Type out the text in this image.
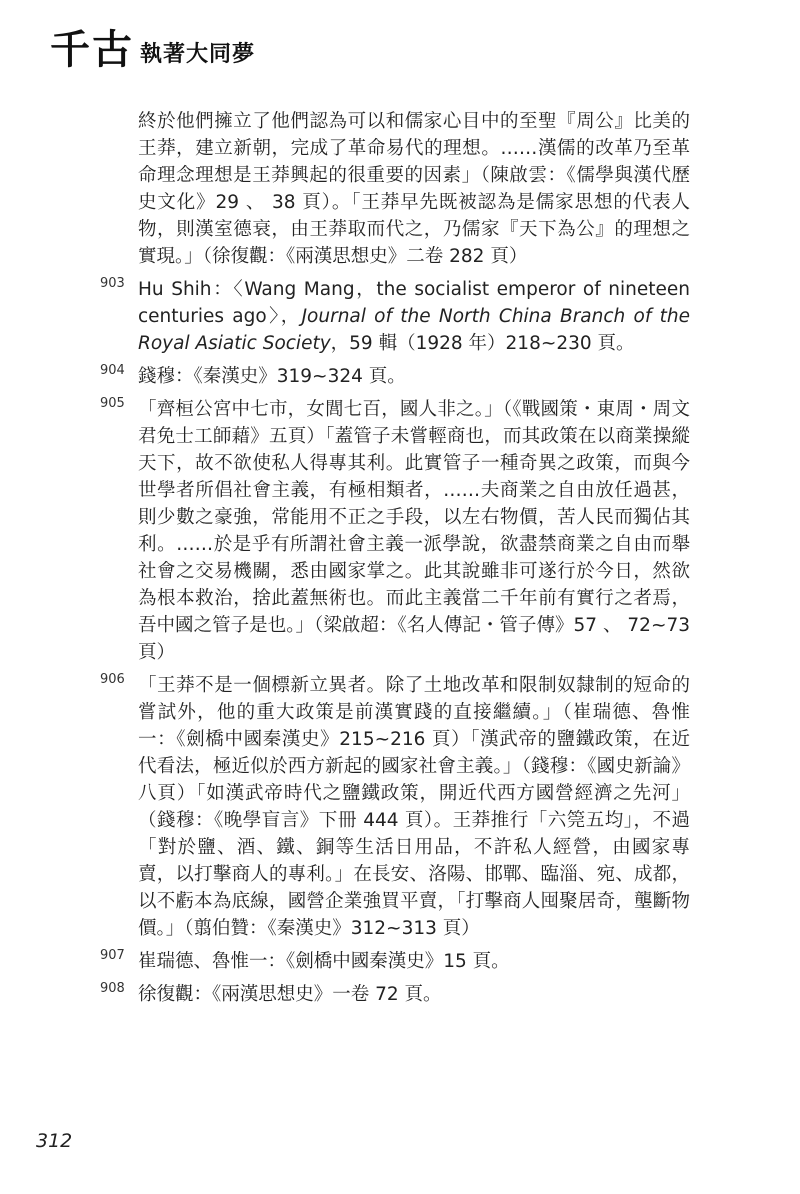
千古 執著大同夢

終於他們擁立了他們認為可以和儒家心目中的至聖『周公』比美的王莽，建立新朝，完成了革命易代的理想。……漢儒的改革乃至革命理念理想是王莽興起的很重要的因素」（陳啟雲：《儒學與漢代歷史文化》29 、 38 頁）。「王莽早先既被認為是儒家思想的代表人物，則漢室德衰，由王莽取而代之，乃儒家『天下為公』的理想之實現。」（徐復觀：《兩漢思想史》二卷 282 頁）

903 Hu Shih：〈Wang Mang，the socialist emperor of nineteen centuries ago〉，Journal of the North China Branch of the Royal Asiatic Society，59 輯（1928 年）218~230 頁。

904 錢穆：《秦漢史》319~324 頁。

905 「齊桓公宮中七市，女閭七百，國人非之。」（《戰國策・東周・周文君免士工師藉》五頁）「蓋管子未嘗輕商也，而其政策在以商業操縱天下，故不欲使私人得專其利。此實管子一種奇異之政策，而與今世學者所倡社會主義，有極相類者，……夫商業之自由放任過甚，則少數之豪強，常能用不正之手段，以左右物價，苦人民而獨佔其利。……於是乎有所謂社會主義一派學說，欲盡禁商業之自由而舉社會之交易機關，悉由國家掌之。此其說雖非可遂行於今日，然欲為根本救治，捨此蓋無術也。而此主義當二千年前有實行之者焉，吾中國之管子是也。」（梁啟超：《名人傳記・管子傳》57 、 72~73 頁）

906 「王莽不是一個標新立異者。除了土地改革和限制奴隸制的短命的嘗試外，他的重大政策是前漢實踐的直接繼續。」（崔瑞德、魯惟一：《劍橋中國秦漢史》215~216 頁）「漢武帝的鹽鐵政策，在近代看法，極近似於西方新起的國家社會主義。」（錢穆：《國史新論》八頁）「如漢武帝時代之鹽鐵政策，開近代西方國營經濟之先河」（錢穆：《晚學盲言》下冊 444 頁）。王莽推行「六筦五均」，不過「對於鹽、酒、鐵、銅等生活日用品，不許私人經營，由國家專賣，以打擊商人的專利。」在長安、洛陽、邯鄲、臨淄、宛、成都，以不虧本為底線，國營企業強買平賣，「打擊商人囤聚居奇，壟斷物價。」（翦伯贊：《秦漢史》312~313 頁）

907 崔瑞德、魯惟一：《劍橋中國秦漢史》15 頁。

908 徐復觀：《兩漢思想史》一卷 72 頁。

312
